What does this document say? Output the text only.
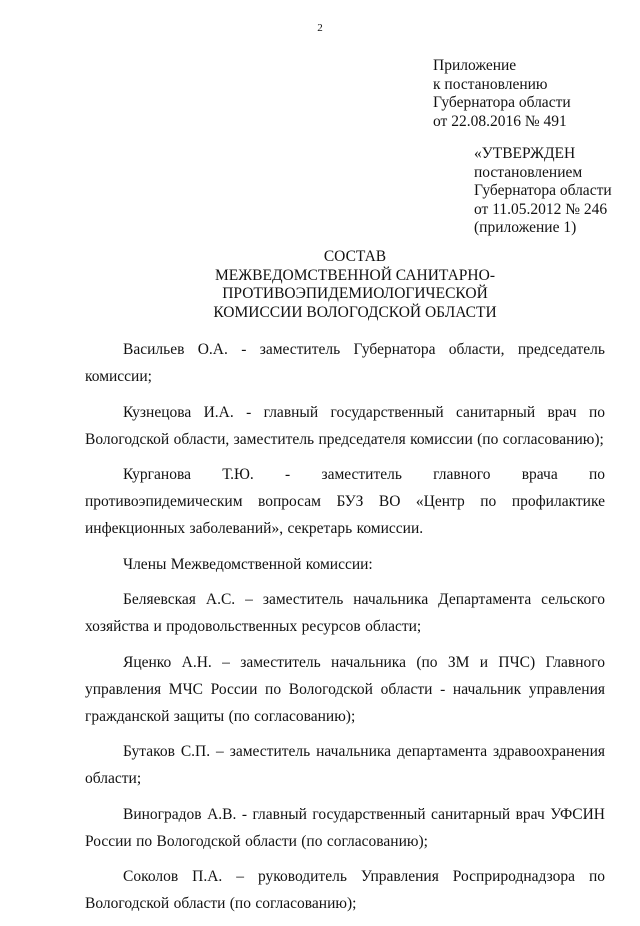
2
Приложение
к постановлению
Губернатора области
от 22.08.2016 № 491
«УТВЕРЖДЕН
постановлением
Губернатора области
от 11.05.2012 № 246
(приложение 1)
СОСТАВ
МЕЖВЕДОМСТВЕННОЙ САНИТАРНО-
ПРОТИВОЭПИДЕМИОЛОГИЧЕСКОЙ
КОМИССИИ ВОЛОГОДСКОЙ ОБЛАСТИ

Васильев О.А. - заместитель Губернатора области, председатель комиссии;

Кузнецова И.А. - главный государственный санитарный врач по Вологодской области, заместитель председателя комиссии (по согласованию);

Курганова Т.Ю. - заместитель главного врача по противоэпидемическим вопросам БУЗ ВО «Центр по профилактике инфекционных заболеваний», секретарь комиссии.

Члены Межведомственной комиссии:

Беляевская А.С. – заместитель начальника Департамента сельского хозяйства и продовольственных ресурсов области;

Яценко А.Н. – заместитель начальника (по ЗМ и ПЧС) Главного управления МЧС России по Вологодской области - начальник управления гражданской защиты (по согласованию);

Бутаков С.П. – заместитель начальника департамента здравоохранения области;

Виноградов А.В. - главный государственный санитарный врач УФСИН России по Вологодской области (по согласованию);

Соколов П.А. – руководитель Управления Росприроднадзора по Вологодской области (по согласованию);
